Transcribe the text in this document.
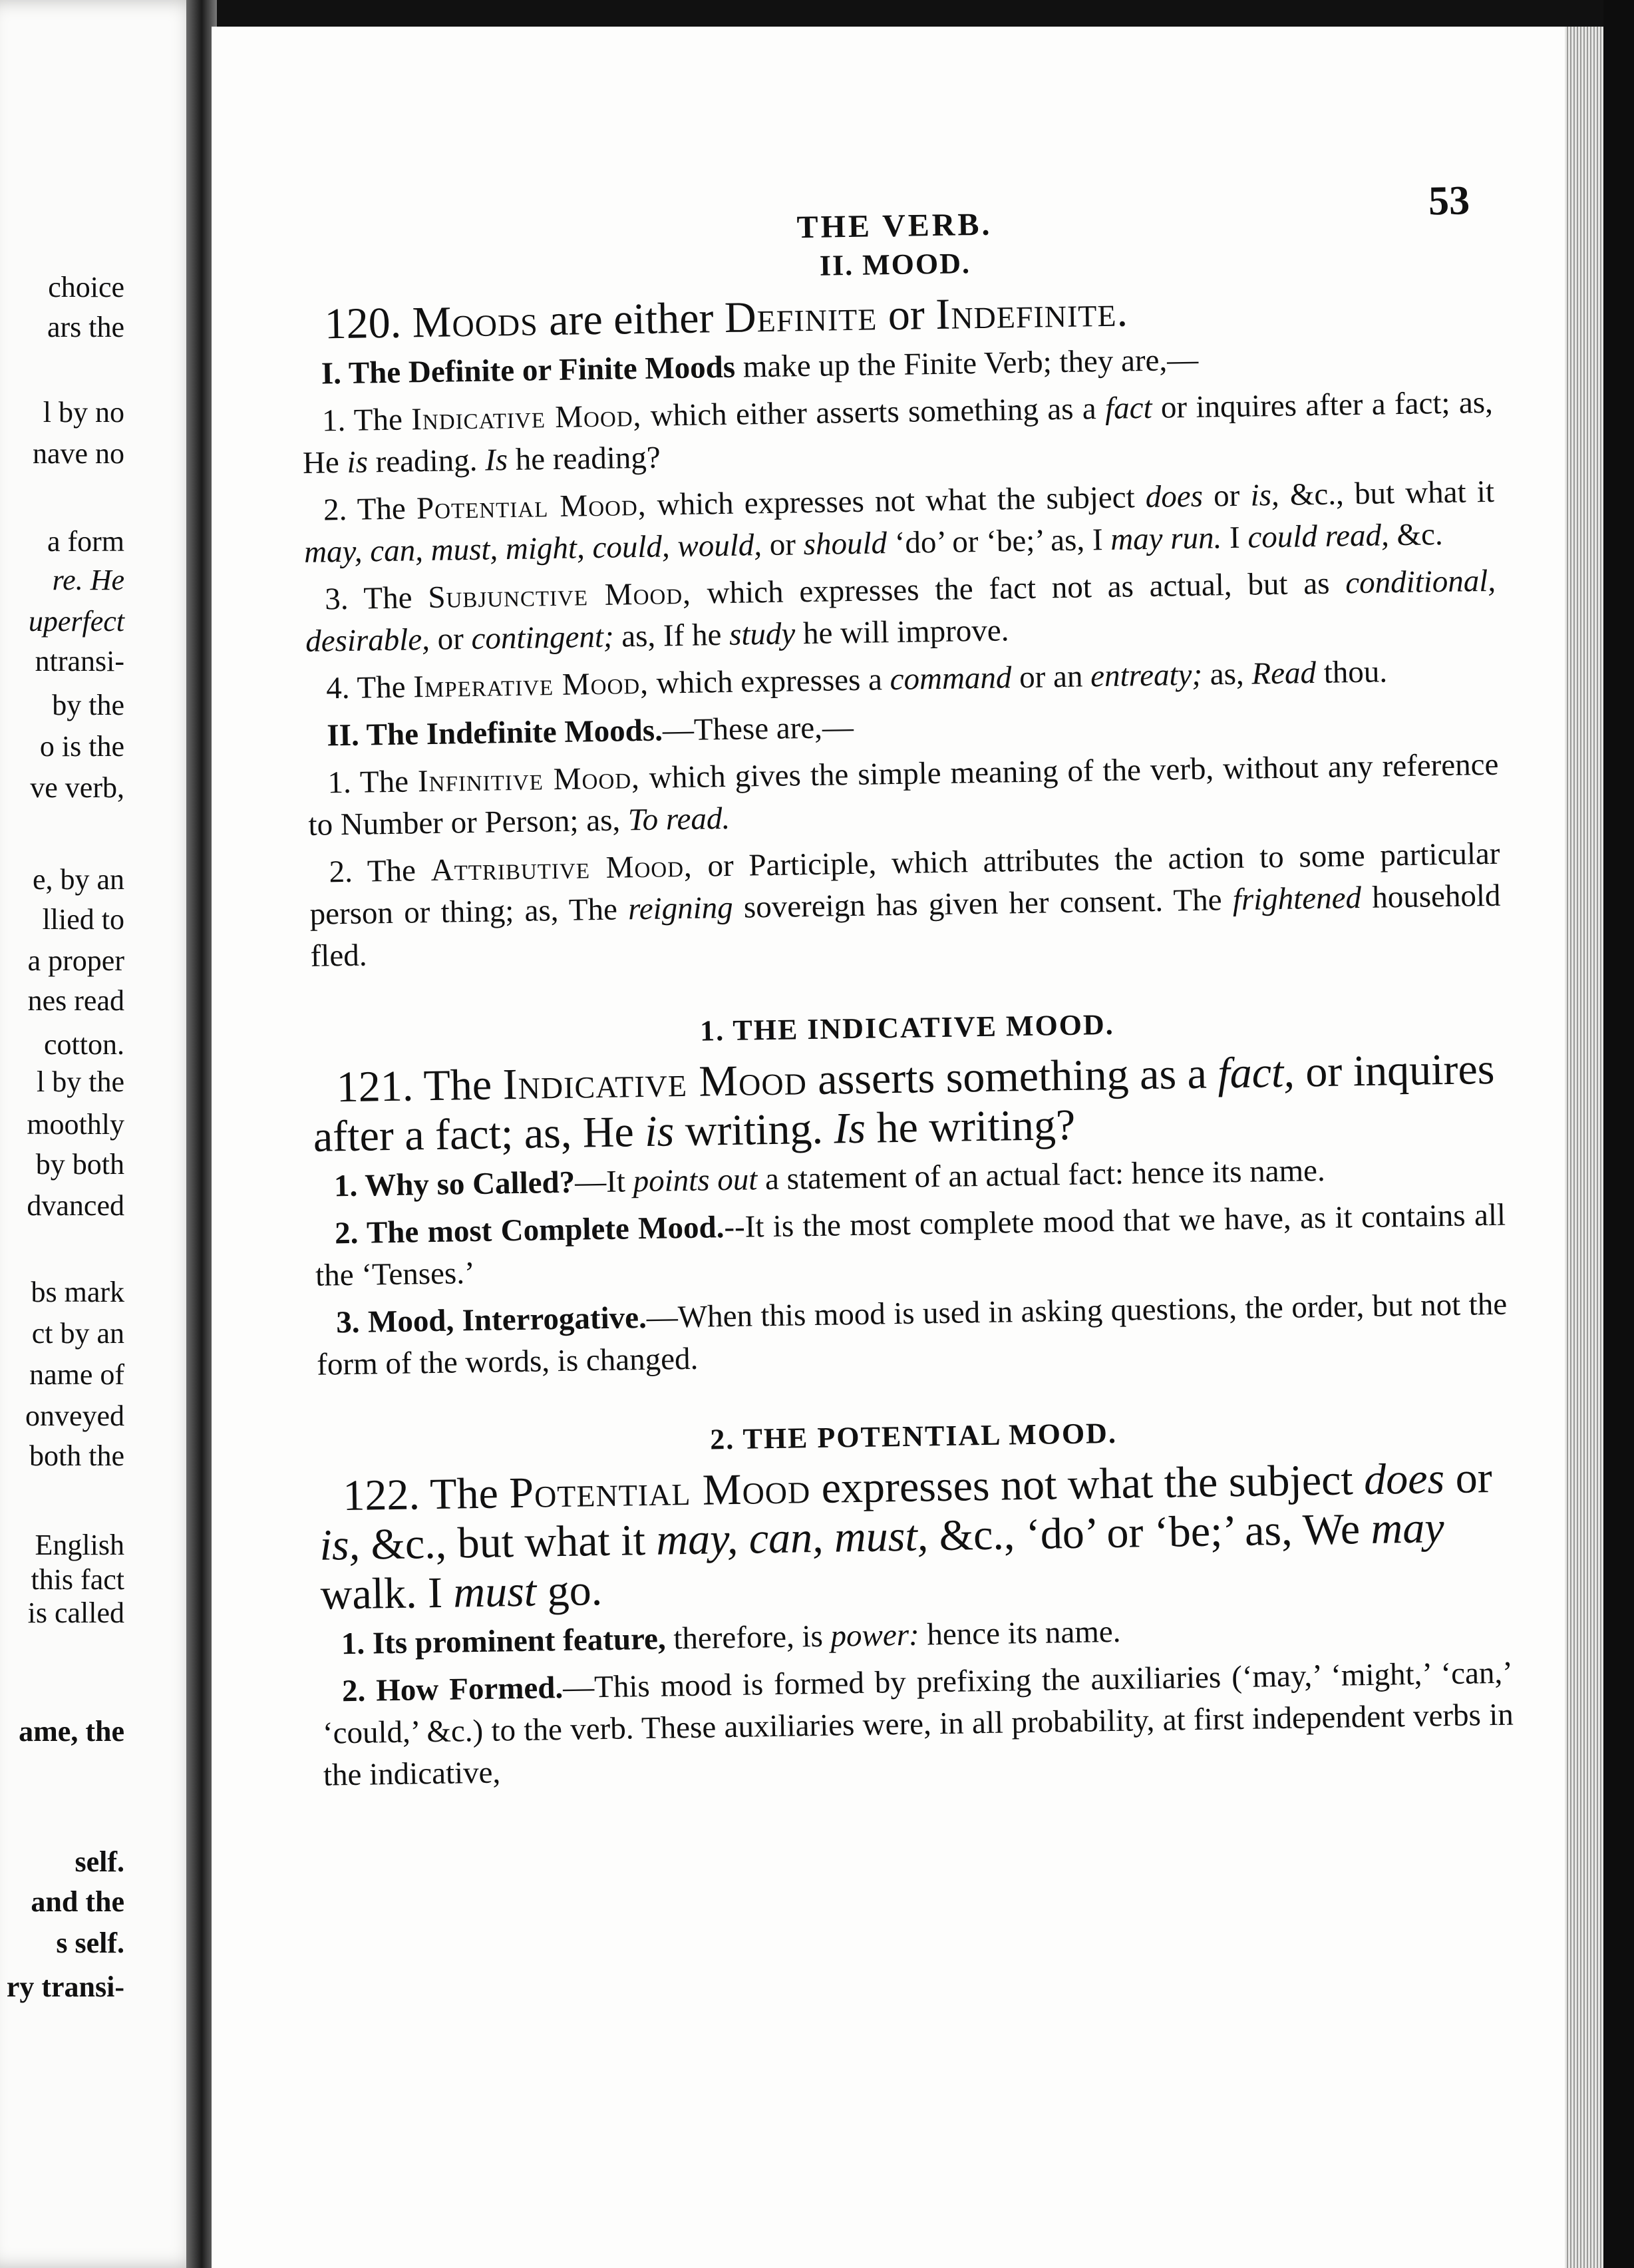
choice
ars the
l by no
nave no
a form
re. He
uperfect
ntransi-
by the
o is the
ve verb,
e, by an
llied to
a proper
nes read
cotton.
l by the
moothly
by both
dvanced
bs mark
ct by an
name of
onveyed
both the
English
this fact
is called
ame, the
self.
and the
s self.
ry transi-
THE VERB.
53
II. MOOD.

120. Moods are either Definite or Indefinite.

I. The Definite or Finite Moods make up the Finite Verb; they are,—

1. The Indicative Mood, which either asserts something as a fact or inquires after a fact; as, He is reading. Is he reading?

2. The Potential Mood, which expresses not what the subject does or is, &c., but what it may, can, must, might, could, would, or should ‘do’ or ‘be;’ as, I may run. I could read, &c.

3. The Subjunctive Mood, which expresses the fact not as actual, but as conditional, desirable, or contingent; as, If he study he will improve.

4. The Imperative Mood, which expresses a command or an entreaty; as, Read thou.

II. The Indefinite Moods.—These are,—

1. The Infinitive Mood, which gives the simple meaning of the verb, without any reference to Number or Person; as, To read.

2. The Attributive Mood, or Participle, which attributes the action to some particular person or thing; as, The reigning sovereign has given her consent. The frightened household fled.

1. THE INDICATIVE MOOD.

121. The Indicative Mood asserts something as a fact, or inquires after a fact; as, He is writing. Is he writing?

1. Why so Called?—It points out a statement of an actual fact: hence its name.

2. The most Complete Mood.--It is the most complete mood that we have, as it contains all the ‘Tenses.’

3. Mood, Interrogative.—When this mood is used in asking questions, the order, but not the form of the words, is changed.

2. THE POTENTIAL MOOD.

122. The Potential Mood expresses not what the subject does or is, &c., but what it may, can, must, &c., ‘do’ or ‘be;’ as, We may walk. I must go.

1. Its prominent feature, therefore, is power: hence its name.

2. How Formed.—This mood is formed by prefixing the auxiliaries (‘may,’ ‘might,’ ‘can,’ ‘could,’ &c.) to the verb. These auxiliaries were, in all probability, at first independent verbs in the indicative,
